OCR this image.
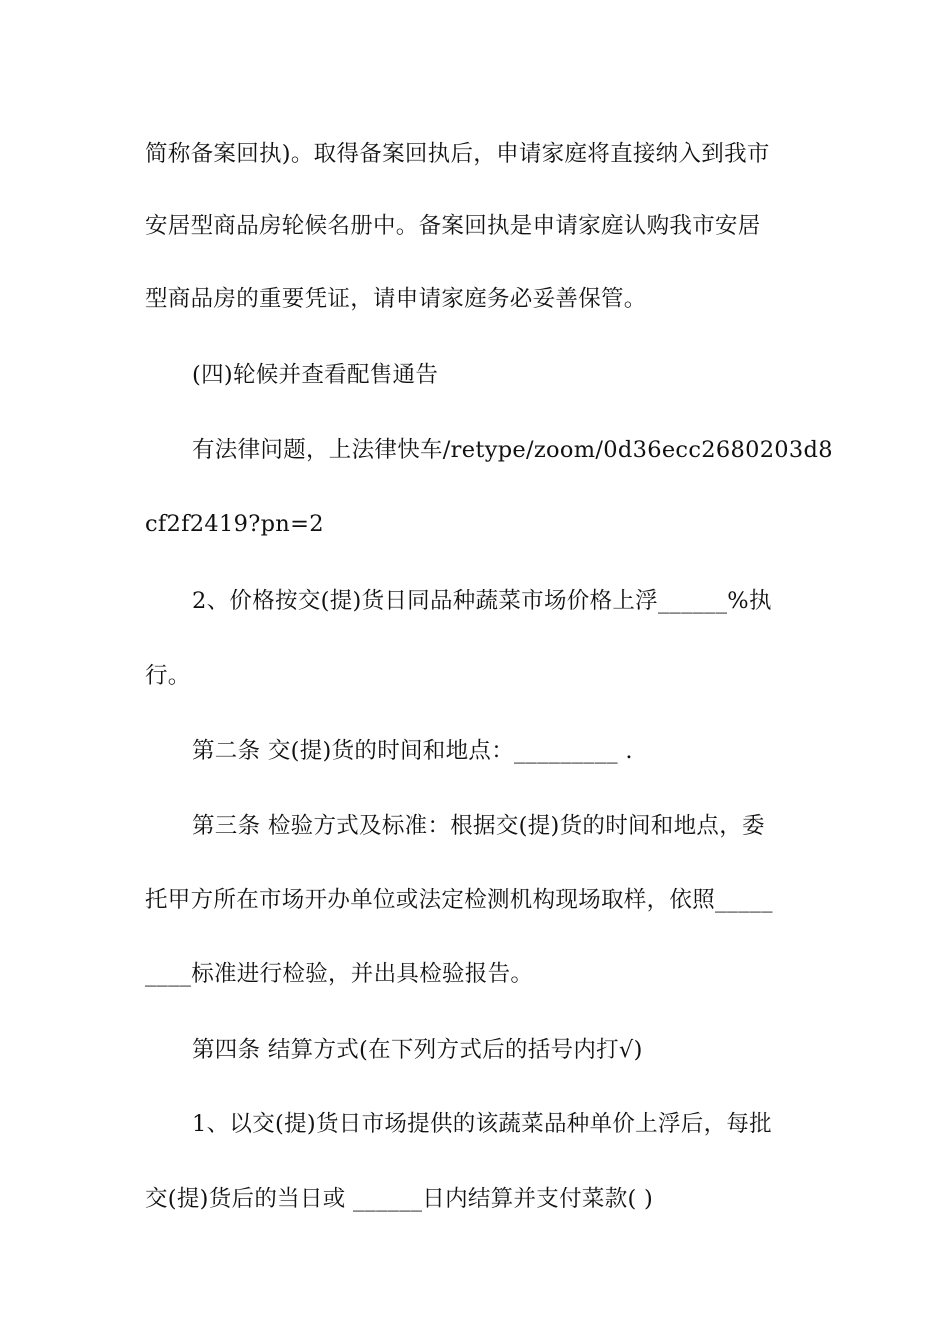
简称备案回执)。取得备案回执后，申请家庭将直接纳入到我市
安居型商品房轮候名册中。备案回执是申请家庭认购我市安居
型商品房的重要凭证，请申请家庭务必妥善保管。
(四)轮候并查看配售通告
有法律问题，上法律快车/retype/zoom/0d36ecc2680203d8
cf2f2419?pn=2
2、价格按交(提)货日同品种蔬菜市场价格上浮______%执
行。
第二条 交(提)货的时间和地点：_________ .
第三条 检验方式及标准：根据交(提)货的时间和地点，委
托甲方所在市场开办单位或法定检测机构现场取样，依照_____
____标准进行检验，并出具检验报告。
第四条 结算方式(在下列方式后的括号内打√)
1、以交(提)货日市场提供的该蔬菜品种单价上浮后，每批
交(提)货后的当日或 ______日内结算并支付菜款( )
